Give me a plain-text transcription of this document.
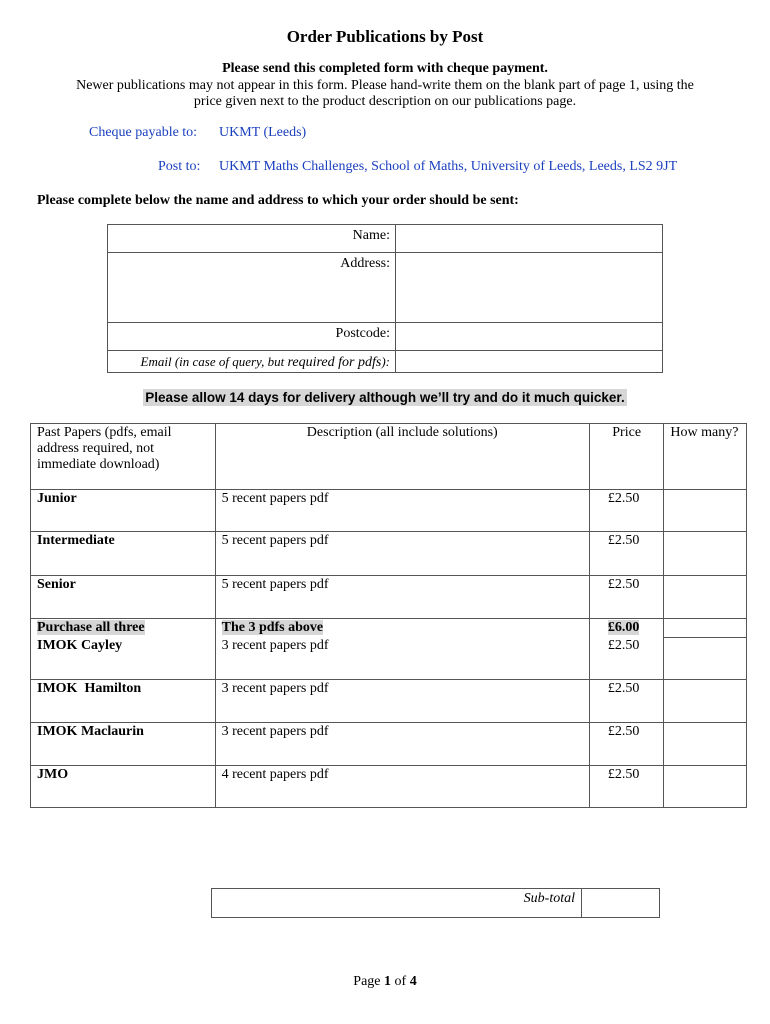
Order Publications by Post
Please send this completed form with cheque payment.
Newer publications may not appear in this form. Please hand-write them on the blank part of page 1, using the
price given next to the product description on our publications page.
Cheque payable to: UKMT (Leeds)
Post to: UKMT Maths Challenges, School of Maths, University of Leeds, Leeds, LS2 9JT
Please complete below the name and address to which your order should be sent:
Name:	
Address:	
Postcode:	
Email (in case of query, but required for pdfs):	
Please allow 14 days for delivery although we’ll try and do it much quicker.
Past Papers (pdfs, email address required, not immediate download)	Description (all include solutions)	Price	How many?
Junior	5 recent papers pdf	£2.50	
Intermediate	5 recent papers pdf	£2.50	
Senior	5 recent papers pdf	£2.50	
Purchase all three	The 3 pdfs above	£6.00	
IMOK Cayley	3 recent papers pdf	£2.50	
IMOK  Hamilton	3 recent papers pdf	£2.50	
IMOK Maclaurin	3 recent papers pdf	£2.50	
JMO	4 recent papers pdf	£2.50	
Sub-total	
Page 1 of 4
